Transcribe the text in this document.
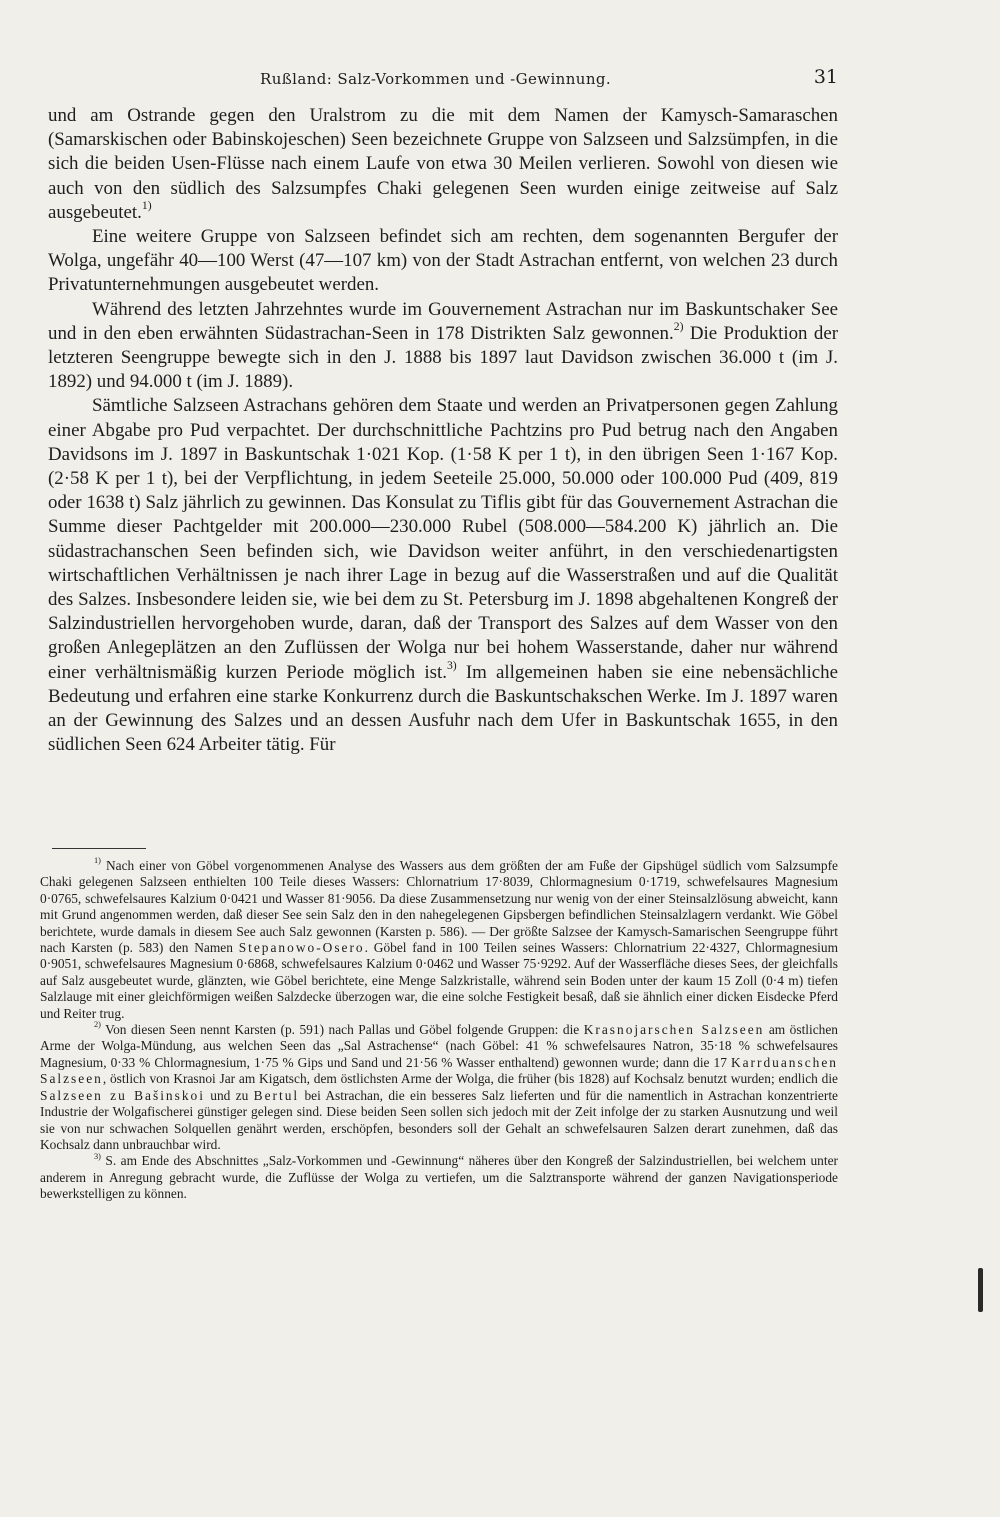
Rußland: Salz-Vorkommen und -Gewinnung.	31

und am Ostrande gegen den Uralstrom zu die mit dem Namen der Kamysch-Samaraschen (Samarskischen oder Babinskojeschen) Seen bezeichnete Gruppe von Salzseen und Salzsümpfen, in die sich die beiden Usen-Flüsse nach einem Laufe von etwa 30 Meilen verlieren. Sowohl von diesen wie auch von den südlich des Salzsumpfes Chaki gelegenen Seen wurden einige zeitweise auf Salz ausgebeutet.$^{1)}$

Eine weitere Gruppe von Salzseen befindet sich am rechten, dem sogenannten Bergufer der Wolga, ungefähr 40—100 Werst (47—107 km) von der Stadt Astrachan entfernt, von welchen 23 durch Privatunternehmungen ausgebeutet werden.

Während des letzten Jahrzehntes wurde im Gouvernement Astrachan nur im Baskuntschaker See und in den eben erwähnten Südastrachan-Seen in 178 Distrikten Salz gewonnen.$^{2)}$ Die Produktion der letzteren Seengruppe bewegte sich in den J. 1888 bis 1897 laut Davidson zwischen 36.000 t (im J. 1892) und 94.000 t (im J. 1889).

Sämtliche Salzseen Astrachans gehören dem Staate und werden an Privatpersonen gegen Zahlung einer Abgabe pro Pud verpachtet. Der durchschnittliche Pachtzins pro Pud betrug nach den Angaben Davidsons im J. 1897 in Baskuntschak 1·021 Kop. (1·58 K per 1 t), in den übrigen Seen 1·167 Kop. (2·58 K per 1 t), bei der Verpflichtung, in jedem Seeteile 25.000, 50.000 oder 100.000 Pud (409, 819 oder 1638 t) Salz jährlich zu gewinnen. Das Konsulat zu Tiflis gibt für das Gouvernement Astrachan die Summe dieser Pachtgelder mit 200.000—230.000 Rubel (508.000—584.200 K) jährlich an. Die südastrachanschen Seen befinden sich, wie Davidson weiter anführt, in den verschiedenartigsten wirtschaftlichen Verhältnissen je nach ihrer Lage in bezug auf die Wasserstraßen und auf die Qualität des Salzes. Insbesondere leiden sie, wie bei dem zu St. Petersburg im J. 1898 abgehaltenen Kongreß der Salzindustriellen hervorgehoben wurde, daran, daß der Transport des Salzes auf dem Wasser von den großen Anlegeplätzen an den Zuflüssen der Wolga nur bei hohem Wasserstande, daher nur während einer verhältnismäßig kurzen Periode möglich ist.$^{3)}$ Im allgemeinen haben sie eine nebensächliche Bedeutung und erfahren eine starke Konkurrenz durch die Baskuntschakschen Werke. Im J. 1897 waren an der Gewinnung des Salzes und an dessen Ausfuhr nach dem Ufer in Baskuntschak 1655, in den südlichen Seen 624 Arbeiter tätig. Für

$^{1)}$ Nach einer von Göbel vorgenommenen Analyse des Wassers aus dem größten der am Fuße der Gipshügel südlich vom Salzsumpfe Chaki gelegenen Salzseen enthielten 100 Teile dieses Wassers: Chlornatrium 17·8039, Chlormagnesium 0·1719, schwefelsaures Magnesium 0·0765, schwefelsaures Kalzium 0·0421 und Wasser 81·9056. Da diese Zusammensetzung nur wenig von der einer Steinsalzlösung abweicht, kann mit Grund angenommen werden, daß dieser See sein Salz den in den nahegelegenen Gipsbergen befindlichen Steinsalzlagern verdankt. Wie Göbel berichtete, wurde damals in diesem See auch Salz gewonnen (Karsten p. 586). — Der größte Salzsee der Kamysch-Samarischen Seengruppe führt nach Karsten (p. 583) den Namen Stepanowo-Osero. Göbel fand in 100 Teilen seines Wassers: Chlornatrium 22·4327, Chlormagnesium 0·9051, schwefelsaures Magnesium 0·6868, schwefelsaures Kalzium 0·0462 und Wasser 75·9292. Auf der Wasserfläche dieses Sees, der gleichfalls auf Salz ausgebeutet wurde, glänzten, wie Göbel berichtete, eine Menge Salzkristalle, während sein Boden unter der kaum 15 Zoll (0·4 m) tiefen Salzlauge mit einer gleichförmigen weißen Salzdecke überzogen war, die eine solche Festigkeit besaß, daß sie ähnlich einer dicken Eisdecke Pferd und Reiter trug.

$^{2)}$ Von diesen Seen nennt Karsten (p. 591) nach Pallas und Göbel folgende Gruppen: die Krasnojarschen Salzseen am östlichen Arme der Wolga-Mündung, aus welchen Seen das „Sal Astrachense“ (nach Göbel: 41 % schwefelsaures Natron, 35·18 % schwefelsaures Magnesium, 0·33 % Chlormagnesium, 1·75 % Gips und Sand und 21·56 % Wasser enthaltend) gewonnen wurde; dann die 17 Karrduanschen Salzseen, östlich von Krasnoi Jar am Kigatsch, dem östlichsten Arme der Wolga, die früher (bis 1828) auf Kochsalz benutzt wurden; endlich die Salzseen zu Bašinskoi und zu Bertul bei Astrachan, die ein besseres Salz lieferten und für die namentlich in Astrachan konzentrierte Industrie der Wolgafischerei günstiger gelegen sind. Diese beiden Seen sollen sich jedoch mit der Zeit infolge der zu starken Ausnutzung und weil sie von nur schwachen Solquellen genährt werden, erschöpfen, besonders soll der Gehalt an schwefelsauren Salzen derart zunehmen, daß das Kochsalz dann unbrauchbar wird.

$^{3)}$ S. am Ende des Abschnittes „Salz-Vorkommen und -Gewinnung“ näheres über den Kongreß der Salzindustriellen, bei welchem unter anderem in Anregung gebracht wurde, die Zuflüsse der Wolga zu vertiefen, um die Salztransporte während der ganzen Navigationsperiode bewerkstelligen zu können.
